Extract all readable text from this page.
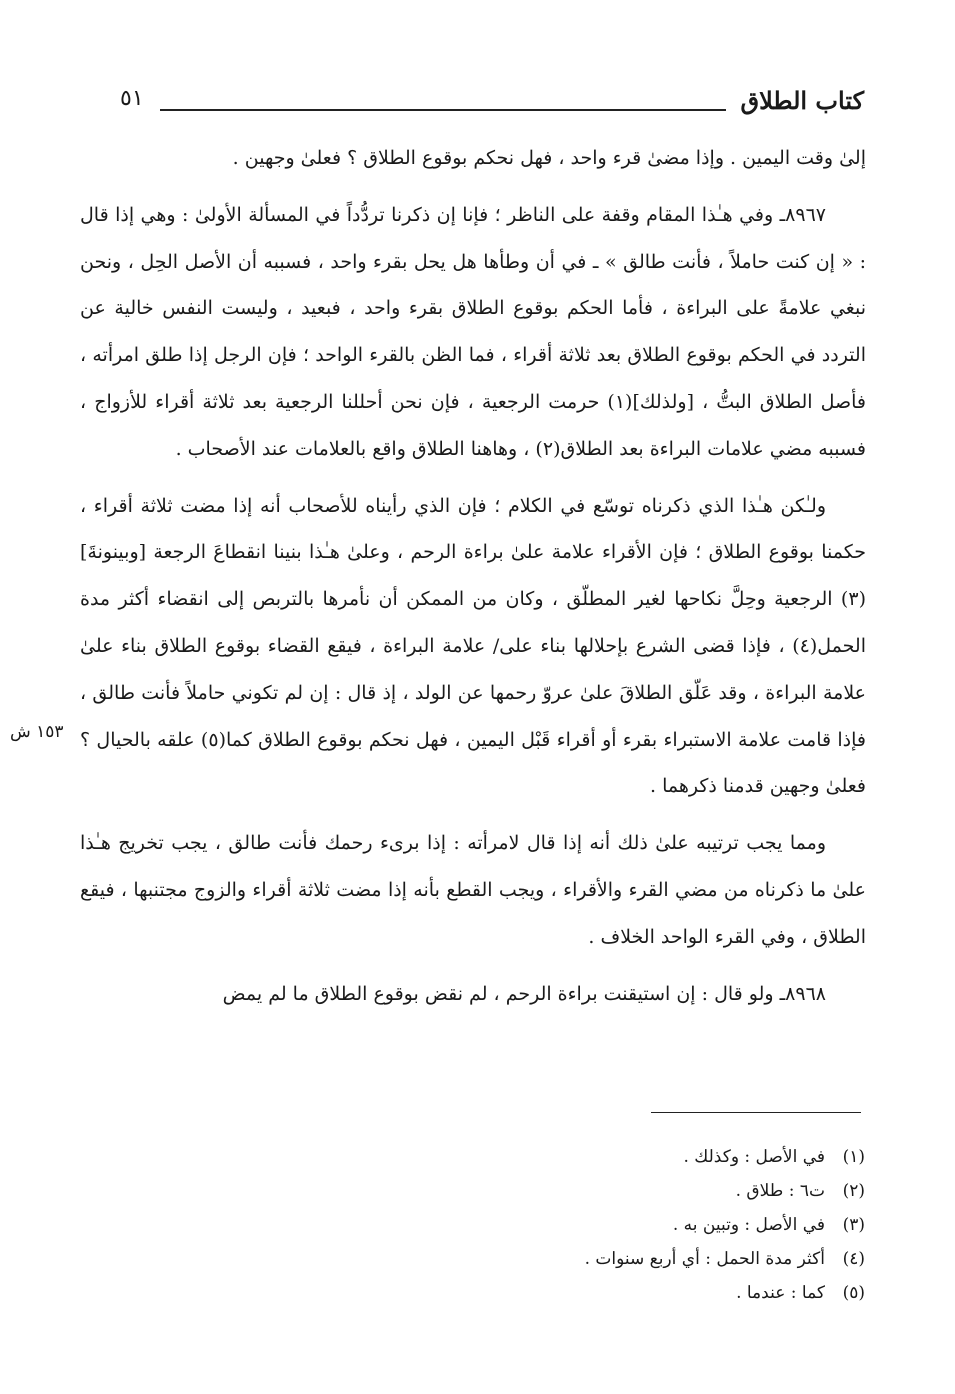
كتاب الطلاق
٥١

إلىٰ وقت اليمين . وإذا مضىٰ قرء واحد ، فهل نحكم بوقوع الطلاق ؟ فعلىٰ وجهين .

٨٩٦٧ـ وفي هـٰذا المقام وقفة على الناظر ؛ فإنا إن ذكرنا تردُّداً في المسألة الأولىٰ : وهي إذا قال : « إن كنت حاملاً ، فأنت طالق » ـ في أن وطأها هل يحل بقرء واحد ، فسببه أن الأصل الحِل ، ونحن نبغي علامةً على البراءة ، فأما الحكم بوقوع الطلاق بقرء واحد ، فبعيد ، وليست النفس خالية عن التردد في الحكم بوقوع الطلاق بعد ثلاثة أقراء ، فما الظن بالقرء الواحد ؛ فإن الرجل إذا طلق امرأته ، فأصل الطلاق البتُّ ، [ولذلك](١) حرمت الرجعية ، فإن نحن أحللنا الرجعية بعد ثلاثة أقراء للأزواج ، فسببه مضي علامات البراءة بعد الطلاق(٢) ، وهاهنا الطلاق واقع بالعلامات عند الأصحاب .

ولـٰكن هـٰذا الذي ذكرناه توسّع في الكلام ؛ فإن الذي رأيناه للأصحاب أنه إذا مضت ثلاثة أقراء ، حكمنا بوقوع الطلاق ؛ فإن الأقراء علامة علىٰ براءة الرحم ، وعلىٰ هـٰذا بنينا انقطاعَ الرجعة [وبينونةَ](٣) الرجعية وحِلَّ نكاحها لغير المطلّق ، وكان من الممكن أن نأمرها بالتربص إلى انقضاء أكثر مدة الحمل(٤) ، فإذا قضى الشرع بإحلالها بناء على/ علامة البراءة ، فيقع القضاء بوقوع الطلاق بناء علىٰ علامة البراءة ، وقد عَلّق الطلاقَ علىٰ عروّ رحمها عن الولد ، إذ قال : إن لم تكوني حاملاً فأنت طالق ، فإذا قامت علامة الاستبراء بقرء أو أقراء قَبْل اليمين ، فهل نحكم بوقوع الطلاق كما(٥) علقه بالحيال ؟ فعلىٰ وجهين قدمنا ذكرهما .

ومما يجب ترتيبه علىٰ ذلك أنه إذا قال لامرأته : إذا برىء رحمك فأنت طالق ، يجب تخريج هـٰذا علىٰ ما ذكرناه من مضي القرء والأقراء ، ويجب القطع بأنه إذا مضت ثلاثة أقراء والزوج مجتنبها ، فيقع الطلاق ، وفي القرء الواحد الخلاف .

٨٩٦٨ـ ولو قال : إن استيقنت براءة الرحم ، لم نقض بوقوع الطلاق ما لم يمض

١٥٣ ش
(١)
في الأصل : وكذلك .
(٢)
ت٦ : طلاق .
(٣)
في الأصل : وتبين به .
(٤)
أكثر مدة الحمل : أي أربع سنوات .
(٥)
كما : عندما .
